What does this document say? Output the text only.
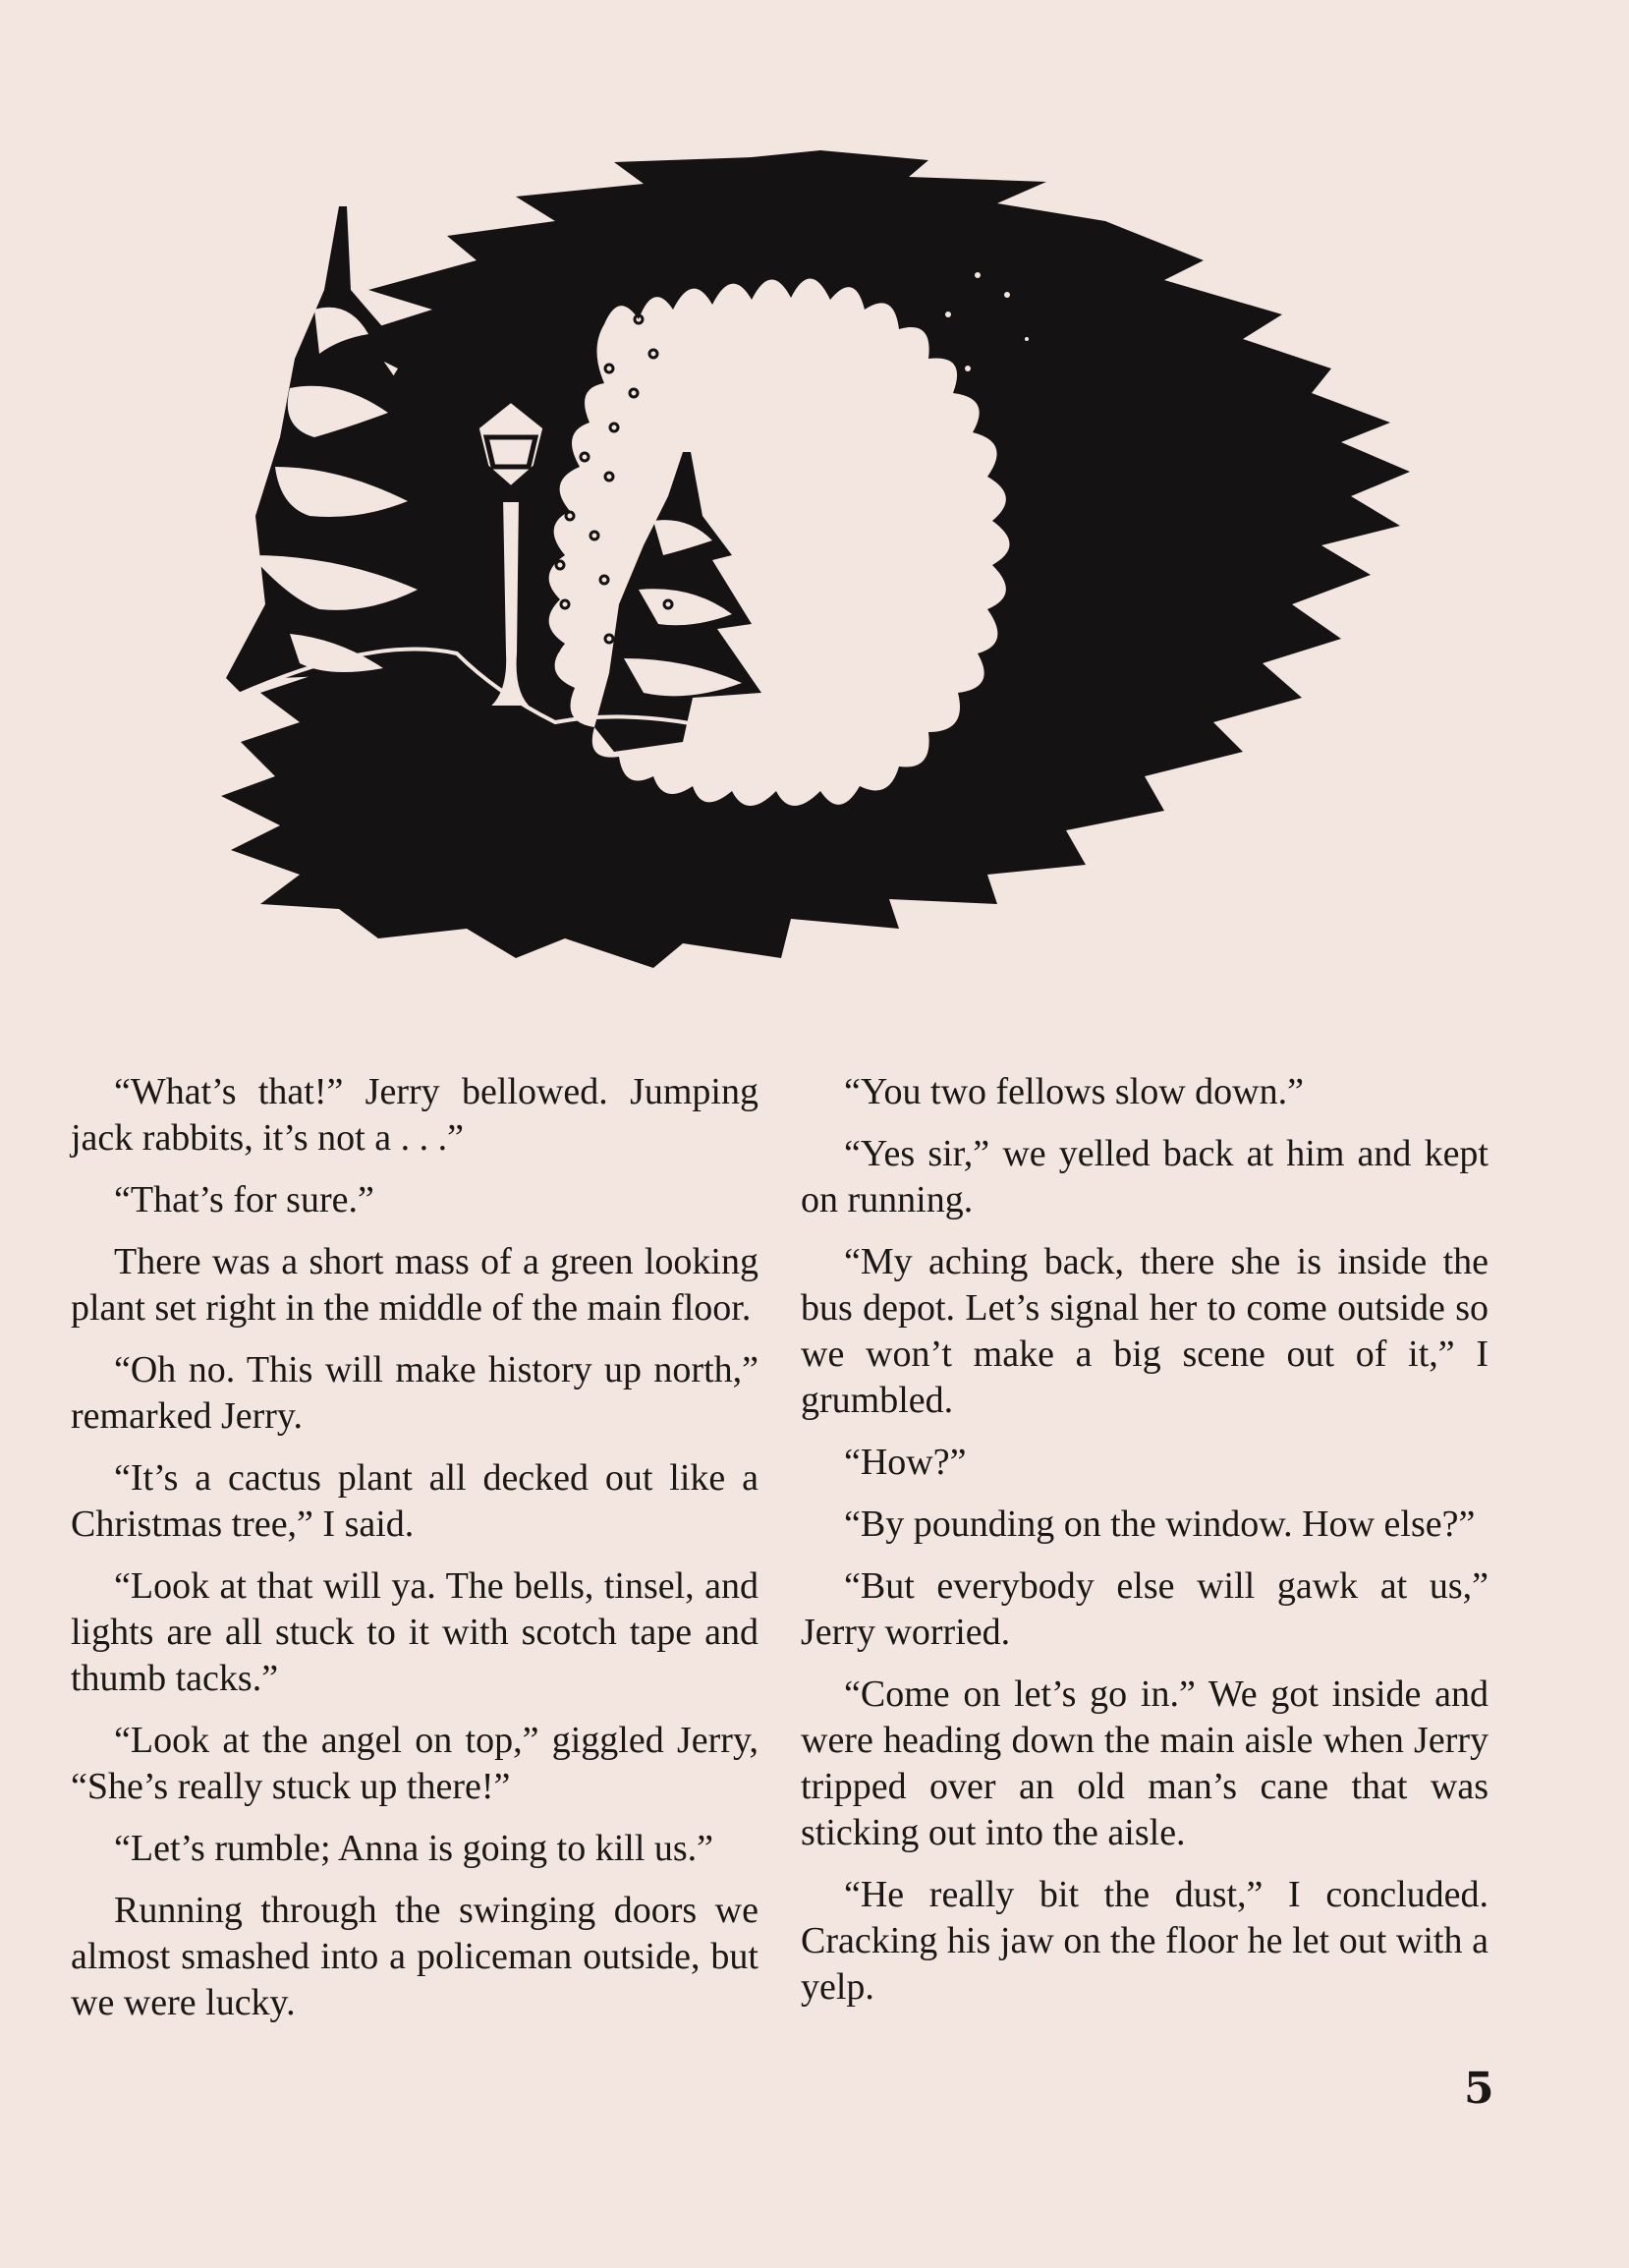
“What’s that!” Jerry bellowed. Jumping jack rabbits, it’s not a . . .”

“That’s for sure.”

There was a short mass of a green looking plant set right in the middle of the main floor.

“Oh no. This will make history up north,” remarked Jerry.

“It’s a cactus plant all decked out like a Christmas tree,” I said.

“Look at that will ya. The bells, tinsel, and lights are all stuck to it with scotch tape and thumb tacks.”

“Look at the angel on top,” giggled Jerry, “She’s really stuck up there!”

“Let’s rumble; Anna is going to kill us.”

Running through the swinging doors we almost smashed into a policeman outside, but we were lucky.

“You two fellows slow down.”

“Yes sir,” we yelled back at him and kept on running.

“My aching back, there she is inside the bus depot. Let’s signal her to come outside so we won’t make a big scene out of it,” I grumbled.

“How?”

“By pounding on the window. How else?”

“But everybody else will gawk at us,” Jerry worried.

“Come on let’s go in.” We got inside and were heading down the main aisle when Jerry tripped over an old man’s cane that was sticking out into the aisle.

“He really bit the dust,” I concluded. Cracking his jaw on the floor he let out with a yelp.

5
